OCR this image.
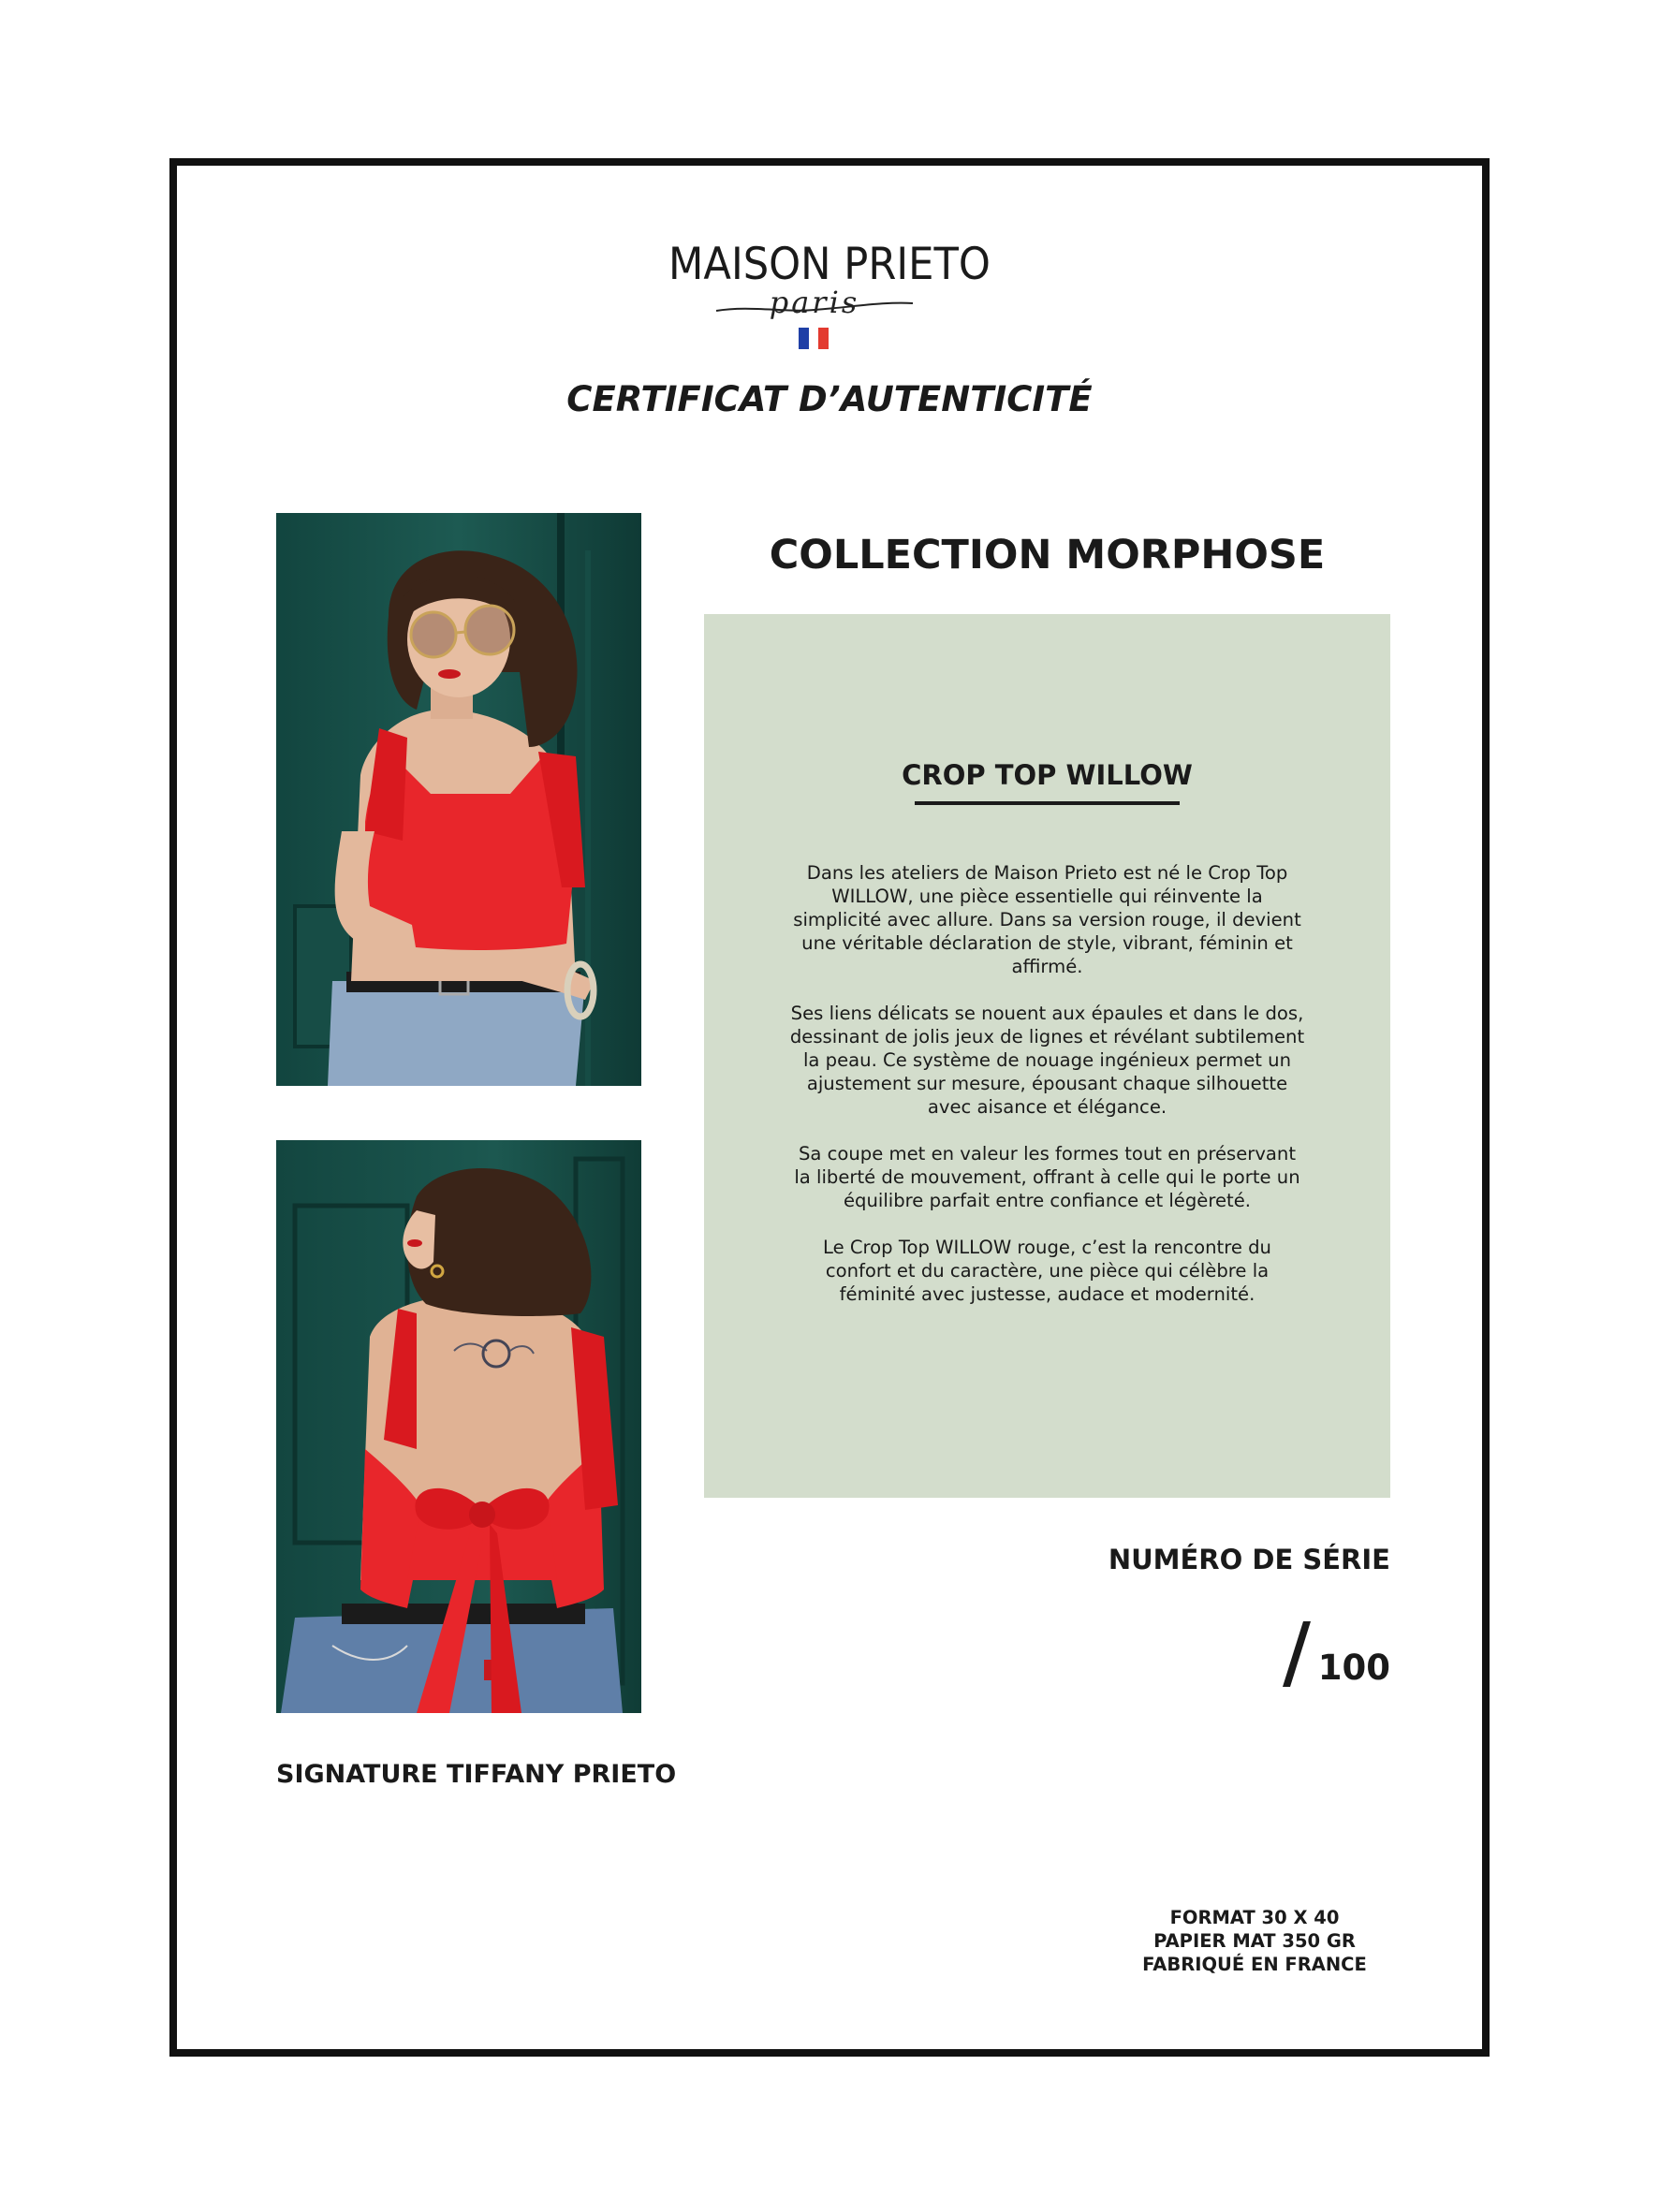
MAISON PRIETO
paris
CERTIFICAT D’AUTENTICITÉ
COLLECTION MORPHOSE
CROP TOP WILLOW

Dans les ateliers de Maison Prieto est né le Crop Top WILLOW, une pièce essentielle qui réinvente la simplicité avec allure. Dans sa version rouge, il devient une véritable déclaration de style, vibrant, féminin et affirmé.

Ses liens délicats se nouent aux épaules et dans le dos, dessinant de jolis jeux de lignes et révélant subtilement la peau. Ce système de nouage ingénieux permet un ajustement sur mesure, épousant chaque silhouette avec aisance et élégance.

Sa coupe met en valeur les formes tout en préservant la liberté de mouvement, offrant à celle qui le porte un équilibre parfait entre confiance et légèreté.

Le Crop Top WILLOW rouge, c’est la rencontre du confort et du caractère, une pièce qui célèbre la féminité avec justesse, audace et modernité.

NUMÉRO DE SÉRIE
100
SIGNATURE TIFFANY PRIETO
FORMAT 30 X 40
PAPIER MAT 350 GR
FABRIQUÉ EN FRANCE
